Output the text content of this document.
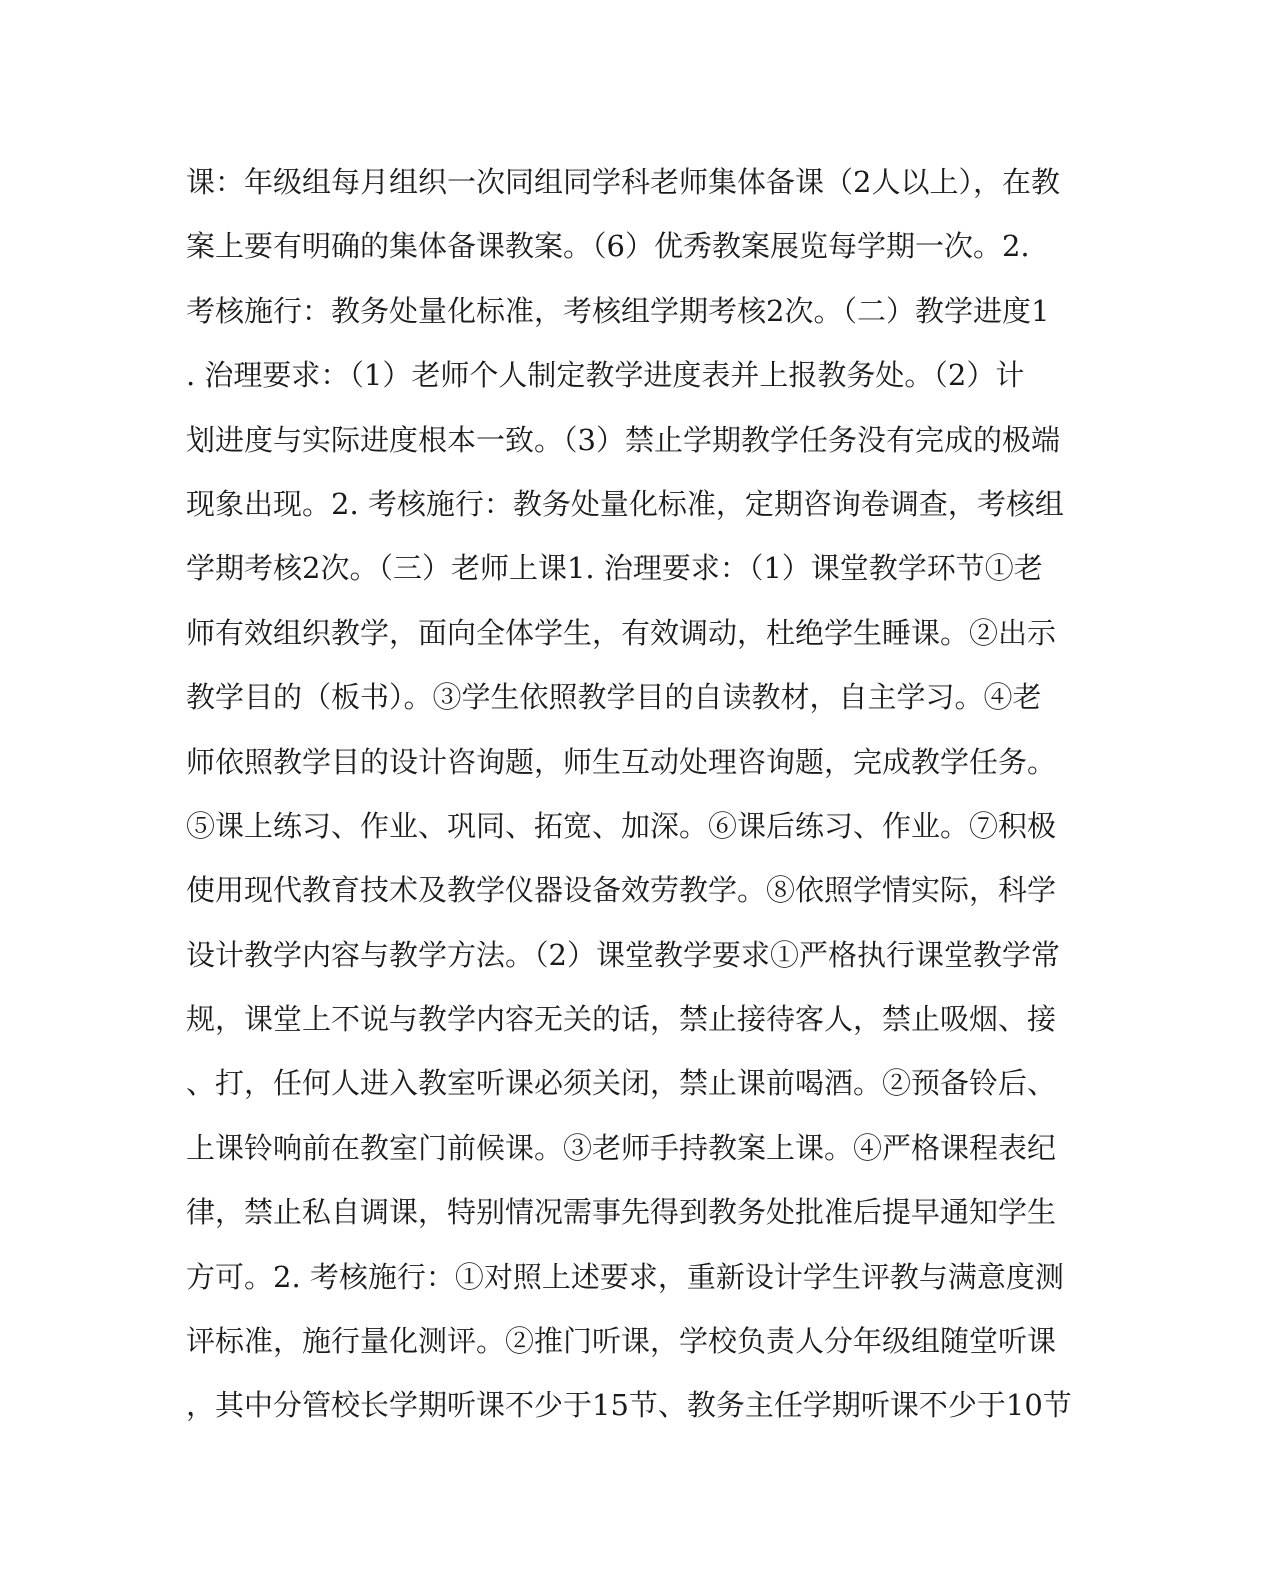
课：年级组每月组织一次同组同学科老师集体备课（2人以上），在教
案上要有明确的集体备课教案。（6）优秀教案展览每学期一次。2.
考核施行：教务处量化标准，考核组学期考核2次。（二）教学进度1
. 治理要求：（1）老师个人制定教学进度表并上报教务处。（2）计
划进度与实际进度根本一致。（3）禁止学期教学任务没有完成的极端
现象出现。2. 考核施行：教务处量化标准，定期咨询卷调查，考核组
学期考核2次。（三）老师上课1. 治理要求：（1）课堂教学环节①老
师有效组织教学，面向全体学生，有效调动，杜绝学生睡课。②出示
教学目的（板书）。③学生依照教学目的自读教材，自主学习。④老
师依照教学目的设计咨询题，师生互动处理咨询题，完成教学任务。
⑤课上练习、作业、巩同、拓宽、加深。⑥课后练习、作业。⑦积极
使用现代教育技术及教学仪器设备效劳教学。⑧依照学情实际，科学
设计教学内容与教学方法。（2）课堂教学要求①严格执行课堂教学常
规，课堂上不说与教学内容无关的话，禁止接待客人，禁止吸烟、接
、打，任何人进入教室听课必须关闭，禁止课前喝酒。②预备铃后、
上课铃响前在教室门前候课。③老师手持教案上课。④严格课程表纪
律，禁止私自调课，特别情况需事先得到教务处批准后提早通知学生
方可。2. 考核施行：①对照上述要求，重新设计学生评教与满意度测
评标准，施行量化测评。②推门听课，学校负责人分年级组随堂听课
，其中分管校长学期听课不少于15节、教务主任学期听课不少于10节
